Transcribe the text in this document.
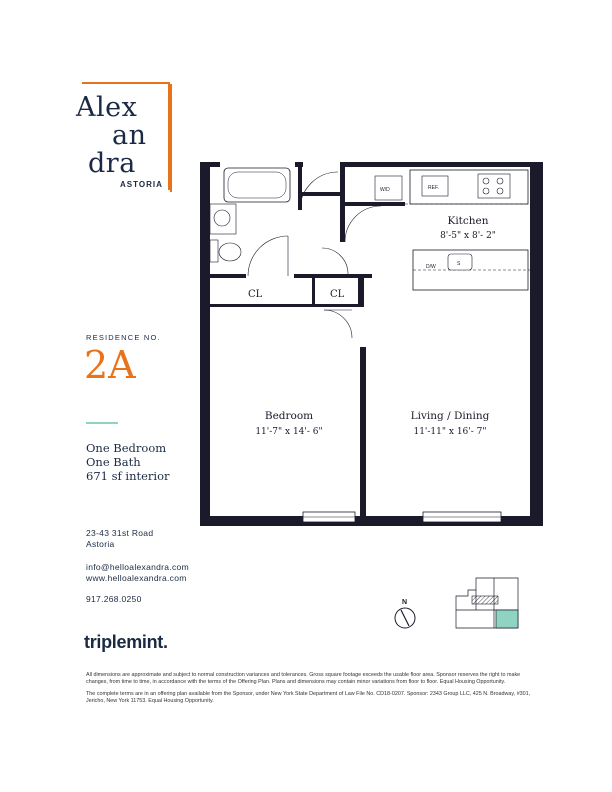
Alex
an
dra
ASTORIA
RESIDENCE NO.
2A
One Bedroom
One Bath
671 sf interior
23-43 31st Road
Astoria
info@helloalexandra.com
www.helloalexandra.com
917.268.0250
triplemint.

All dimensions are approximate and subject to normal construction variances and tolerances. Gross square footage exceeds the usable floor area. Sponsor reserves the right to make changes, from time to time, in accordance with the terms of the Offering Plan. Plans and dimensions may contain minor variations from floor to floor. Equal Housing Opportunity.

The complete terms are in an offering plan available from the Sponsor, under New York State Department of Law File No. CD18-0207. Sponsor: 2343 Group LLC, 425 N. Broadway, #301, Jericho, New York 11753. Equal Housing Opportunity.

REF.
W/D
D/W	S
CL	CL
Kitchen
8'-5" x 8'- 2"
Bedroom
11'-7" x 14'- 6"
Living / Dining
11'-11" x 16'- 7"
N
